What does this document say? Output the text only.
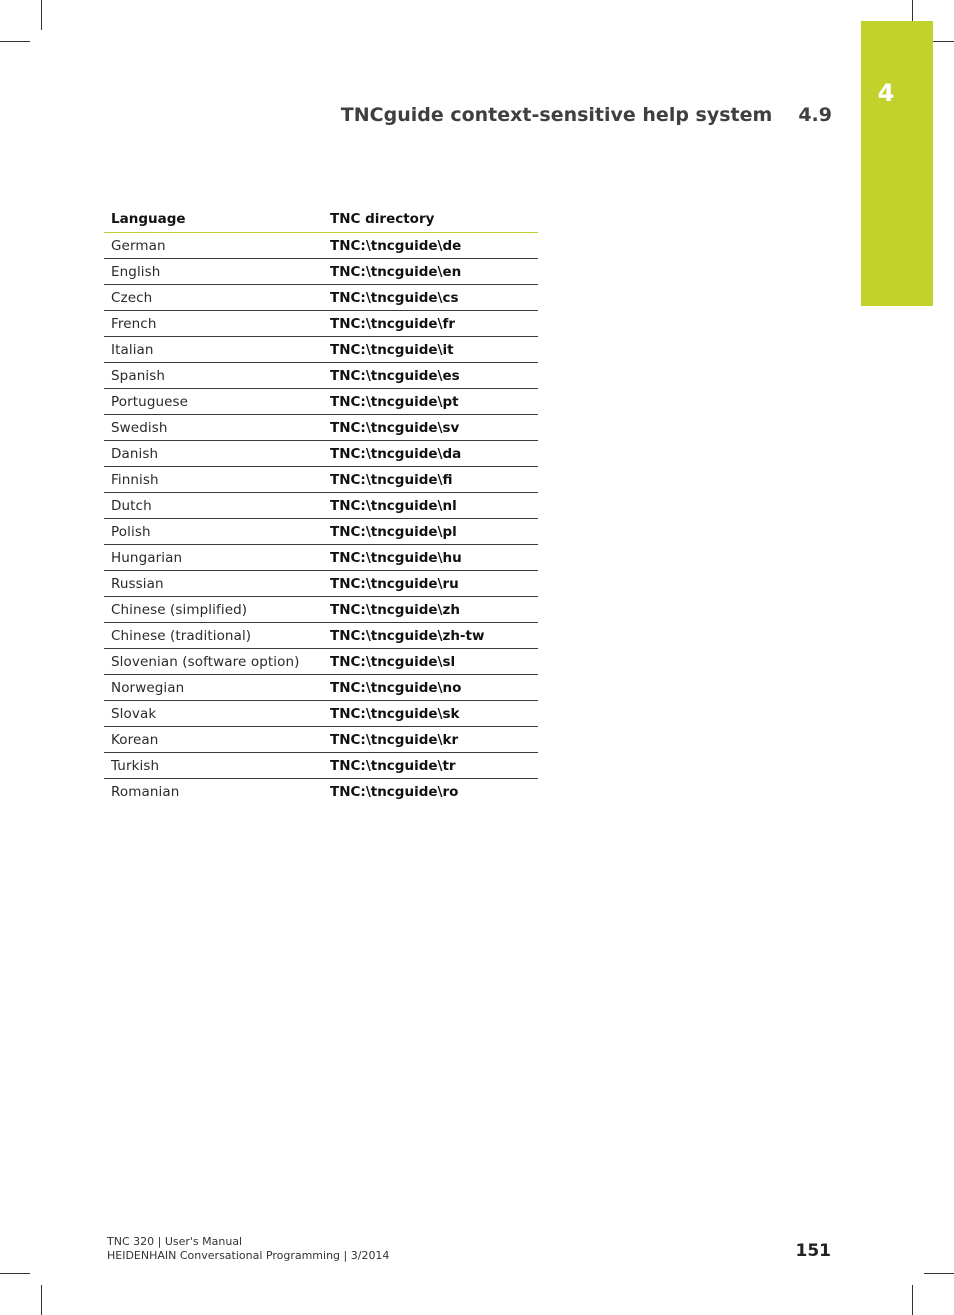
4
TNCguide context-sensitive help system 4.9
Language	TNC directory
German	TNC:\tncguide\de
English	TNC:\tncguide\en
Czech	TNC:\tncguide\cs
French	TNC:\tncguide\fr
Italian	TNC:\tncguide\it
Spanish	TNC:\tncguide\es
Portuguese	TNC:\tncguide\pt
Swedish	TNC:\tncguide\sv
Danish	TNC:\tncguide\da
Finnish	TNC:\tncguide\fi
Dutch	TNC:\tncguide\nl
Polish	TNC:\tncguide\pl
Hungarian	TNC:\tncguide\hu
Russian	TNC:\tncguide\ru
Chinese (simplified)	TNC:\tncguide\zh
Chinese (traditional)	TNC:\tncguide\zh-tw
Slovenian (software option)	TNC:\tncguide\sl
Norwegian	TNC:\tncguide\no
Slovak	TNC:\tncguide\sk
Korean	TNC:\tncguide\kr
Turkish	TNC:\tncguide\tr
Romanian	TNC:\tncguide\ro
TNC 320 | User's Manual
HEIDENHAIN Conversational Programming | 3/2014	151
